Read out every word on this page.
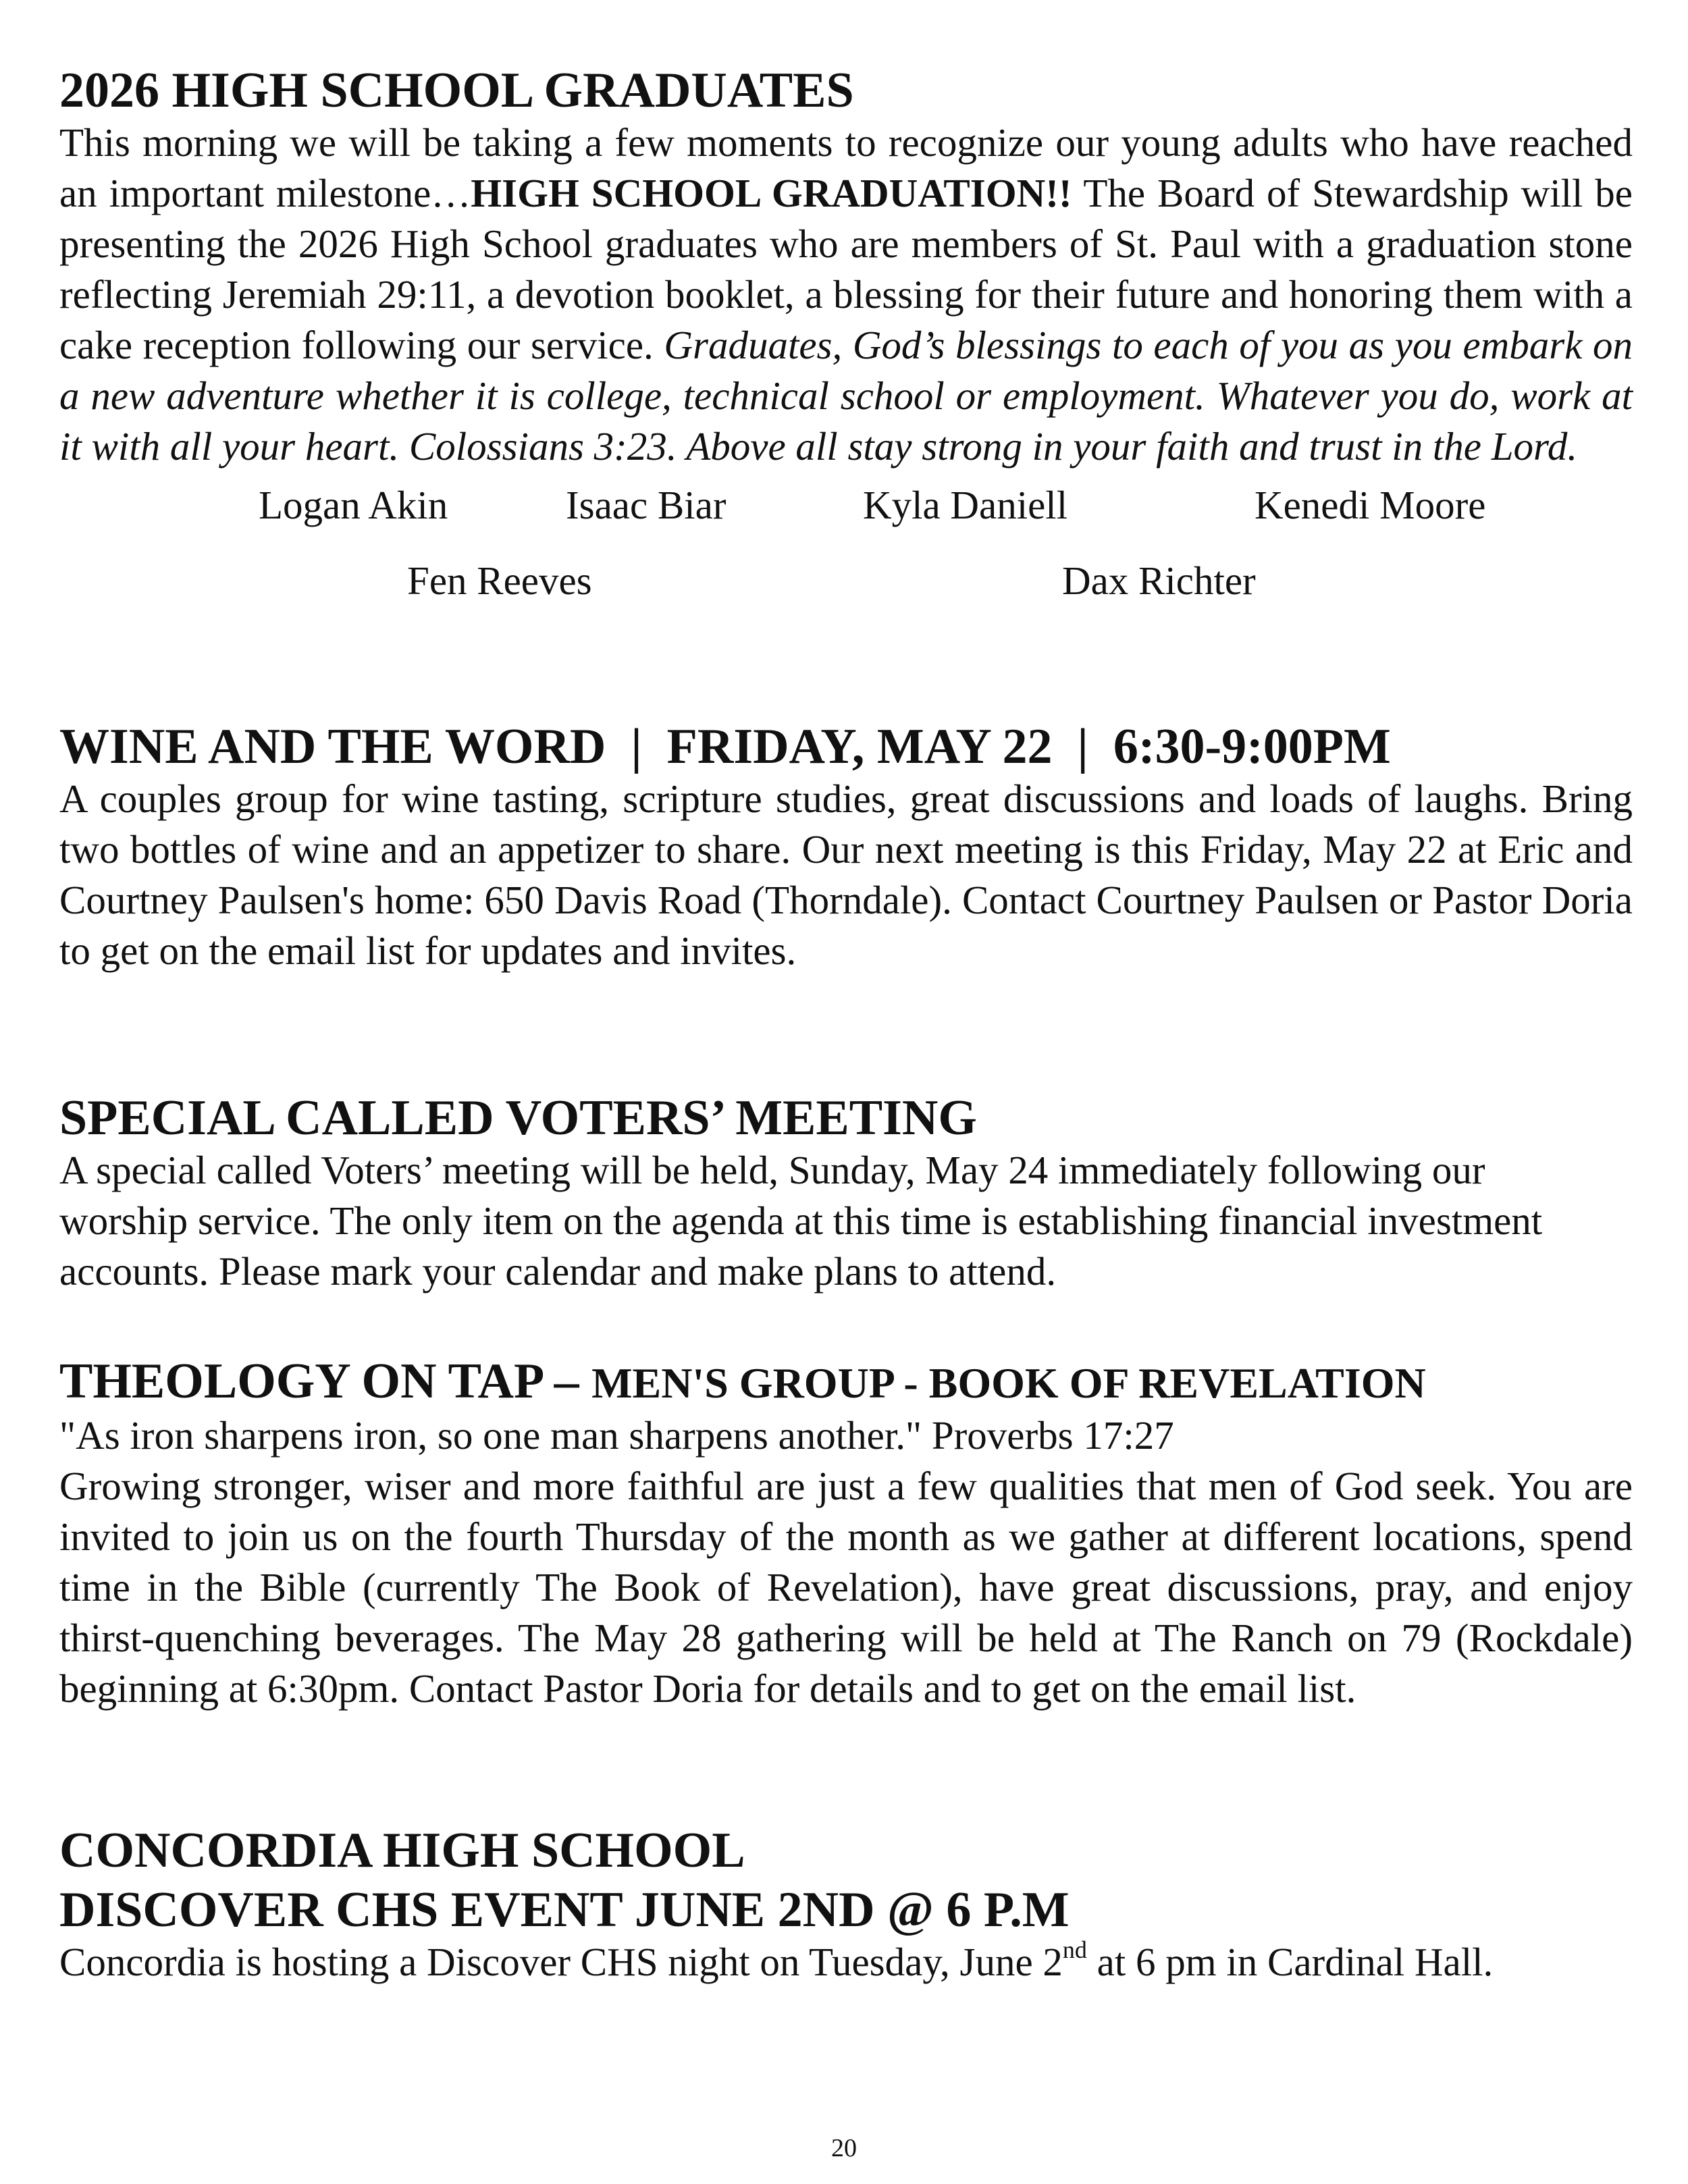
2026 HIGH SCHOOL GRADUATES

This morning we will be taking a few moments to recognize our young adults who have reached an important milestone…HIGH SCHOOL GRADUATION!! The Board of Stewardship will be presenting the 2026 High School graduates who are members of St. Paul with a graduation stone reflecting Jeremiah 29:11, a devotion booklet, a blessing for their future and honoring them with a cake reception following our service. Graduates, God’s blessings to each of you as you embark on a new adventure whether it is college, technical school or employment. Whatever you do, work at it with all your heart. Colossians 3:23. Above all stay strong in your faith and trust in the Lord.

Logan Akin	Isaac Biar	Kyla Daniell	Kenedi Moore
Fen Reeves	Dax Richter
WINE AND THE WORD  |  FRIDAY, MAY 22  |  6:30-9:00PM

A couples group for wine tasting, scripture studies, great discussions and loads of laughs. Bring two bottles of wine and an appetizer to share. Our next meeting is this Friday, May 22 at Eric and Courtney Paulsen's home: 650 Davis Road (Thorndale). Contact Courtney Paulsen or Pastor Doria to get on the email list for updates and invites.

SPECIAL CALLED VOTERS’ MEETING

A special called Voters’ meeting will be held, Sunday, May 24 immediately following our worship service. The only item on the agenda at this time is establishing financial investment accounts. Please mark your calendar and make plans to attend.

THEOLOGY ON TAP – MEN'S GROUP - BOOK OF REVELATION

"As iron sharpens iron, so one man sharpens another." Proverbs 17:27

Growing stronger, wiser and more faithful are just a few qualities that men of God seek. You are invited to join us on the fourth Thursday of the month as we gather at different locations, spend time in the Bible (currently The Book of Revelation), have great discussions, pray, and enjoy thirst-quenching beverages. The May 28 gathering will be held at The Ranch on 79 (Rockdale) beginning at 6:30pm. Contact Pastor Doria for details and to get on the email list.

CONCORDIA HIGH SCHOOL
DISCOVER CHS EVENT JUNE 2ND @ 6 P.M

Concordia is hosting a Discover CHS night on Tuesday, June 2nd at 6 pm in Cardinal Hall.

20
